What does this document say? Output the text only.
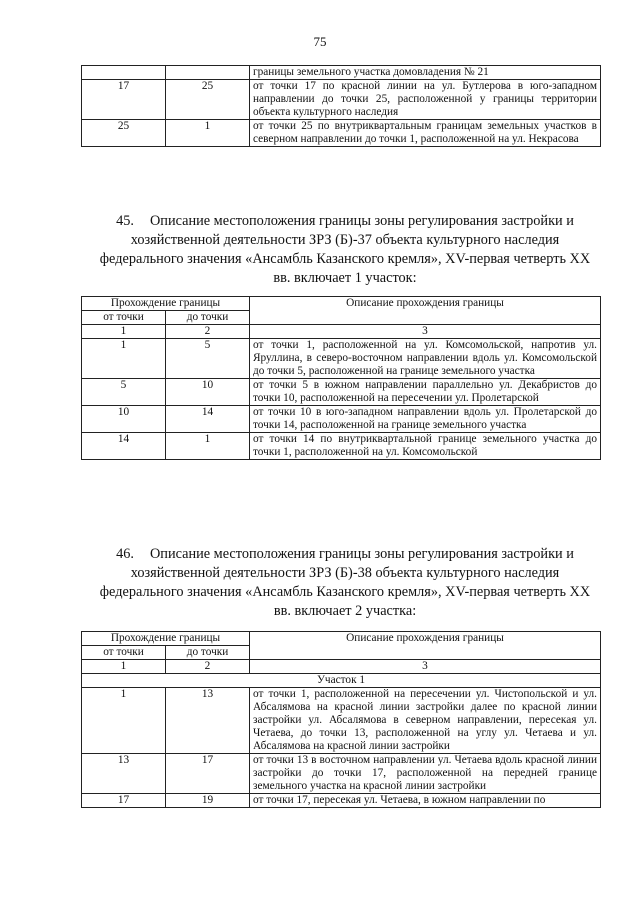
75
		границы земельного участка домовладения № 21
17	25	от точки 17 по красной линии на ул. Бутлерова в юго-западном направлении до точки 25, расположенной у границы территории объекта культурного наследия
25	1	от точки 25 по внутриквартальным границам земельных участков в северном направлении до точки 1, расположенной на ул. Некрасова
45. Описание местоположения границы зоны регулирования застройки и хозяйственной деятельности ЗРЗ (Б)-37 объекта культурного наследия федерального значения «Ансамбль Казанского кремля», XV-первая четверть XX вв. включает 1 участок:
Прохождение границы		Описание прохождения границы
от точки	до точки	
1	2	3
1	5	от точки 1, расположенной на ул. Комсомольской, напротив ул. Яруллина, в северо-восточном направлении вдоль ул. Комсомольской до точки 5, расположенной на границе земельного участка
5	10	от точки 5 в южном направлении параллельно ул. Декабристов до точки 10, расположенной на пересечении ул. Пролетарской
10	14	от точки 10 в юго-западном направлении вдоль ул. Пролетарской до точки 14, расположенной на границе земельного участка
14	1	от точки 14 по внутриквартальной границе земельного участка до точки 1, расположенной на ул. Комсомольской
46. Описание местоположения границы зоны регулирования застройки и хозяйственной деятельности ЗРЗ (Б)-38 объекта культурного наследия федерального значения «Ансамбль Казанского кремля», XV-первая четверть XX вв. включает 2 участка:
Прохождение границы		Описание прохождения границы
от точки	до точки	
1	2	3
Участок 1		
1	13	от точки 1, расположенной на пересечении ул. Чистопольской и ул. Абсалямова на красной линии застройки далее по красной линии застройки ул. Абсалямова в северном направлении, пересекая ул. Четаева, до точки 13, расположенной на углу ул. Четаева и ул. Абсалямова на красной линии застройки
13	17	от точки 13 в восточном направлении ул. Четаева вдоль красной линии застройки до точки 17, расположенной на передней границе земельного участка на красной линии застройки
17	19	от точки 17, пересекая ул. Четаева, в южном направлении по
